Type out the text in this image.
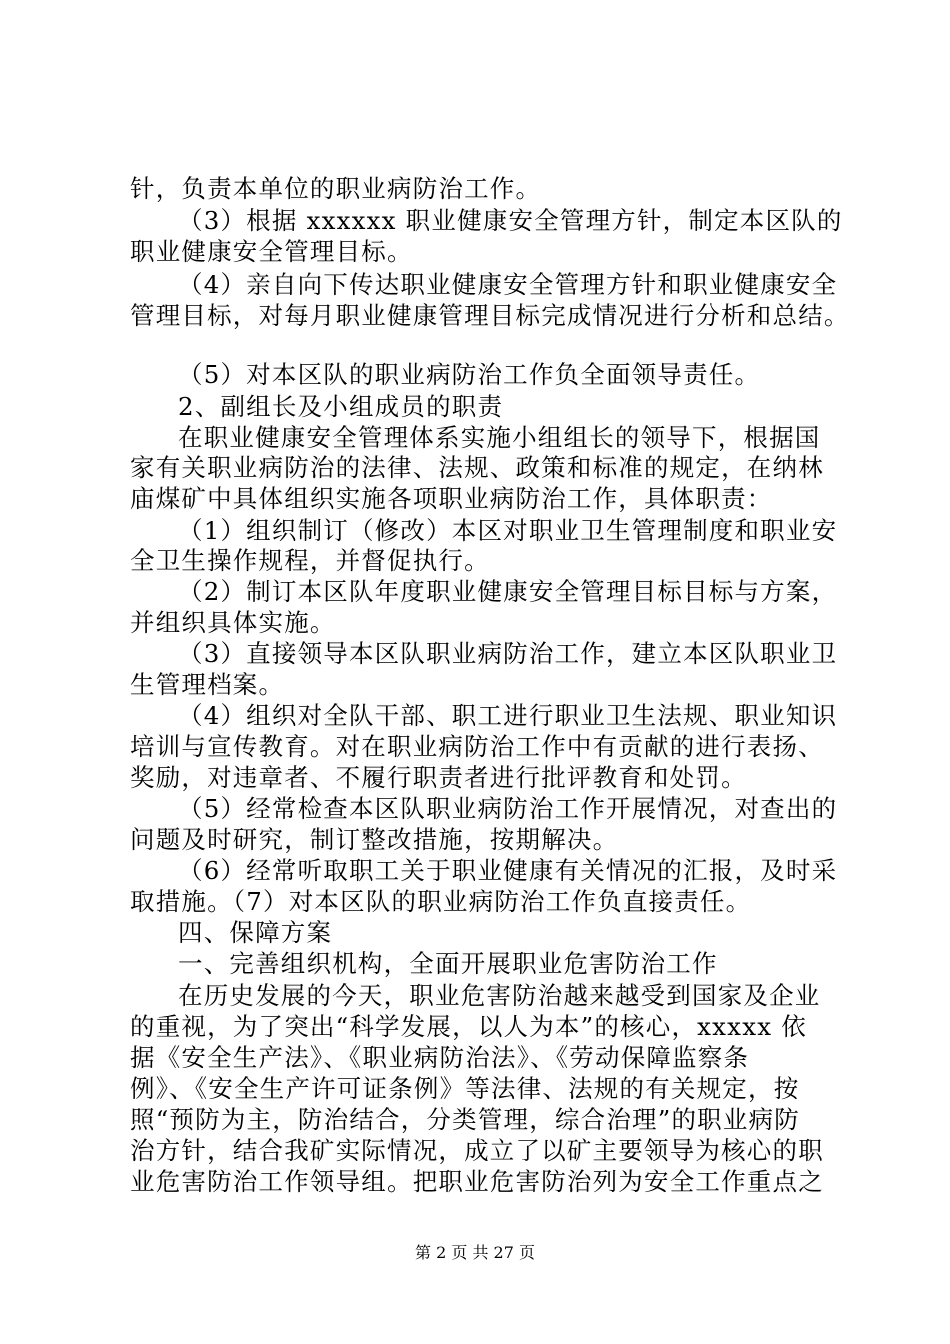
针，负责本单位的职业病防治工作。
（3）根据 xxxxxx 职业健康安全管理方针，制定本区队的
职业健康安全管理目标。
（4）亲自向下传达职业健康安全管理方针和职业健康安全
管理目标，对每月职业健康管理目标完成情况进行分析和总结。
（5）对本区队的职业病防治工作负全面领导责任。
2、副组长及小组成员的职责
在职业健康安全管理体系实施小组组长的领导下，根据国
家有关职业病防治的法律、法规、政策和标准的规定，在纳林
庙煤矿中具体组织实施各项职业病防治工作，具体职责：
（1）组织制订（修改）本区对职业卫生管理制度和职业安
全卫生操作规程，并督促执行。
（2）制订本区队年度职业健康安全管理目标目标与方案，
并组织具体实施。
（3）直接领导本区队职业病防治工作，建立本区队职业卫
生管理档案。
（4）组织对全队干部、职工进行职业卫生法规、职业知识
培训与宣传教育。对在职业病防治工作中有贡献的进行表扬、
奖励，对违章者、不履行职责者进行批评教育和处罚。
（5）经常检查本区队职业病防治工作开展情况，对查出的
问题及时研究，制订整改措施，按期解决。
（6）经常听取职工关于职业健康有关情况的汇报，及时采
取措施。（7）对本区队的职业病防治工作负直接责任。
四、保障方案
一、完善组织机构，全面开展职业危害防治工作
在历史发展的今天，职业危害防治越来越受到国家及企业
的重视，为了突出“科学发展，以人为本”的核心，xxxxx 依
据《安全生产法》、《职业病防治法》、《劳动保障监察条
例》、《安全生产许可证条例》等法律、法规的有关规定，按
照“预防为主，防治结合，分类管理，综合治理”的职业病防
治方针，结合我矿实际情况，成立了以矿主要领导为核心的职
业危害防治工作领导组。把职业危害防治列为安全工作重点之
第 2 页 共 27 页
